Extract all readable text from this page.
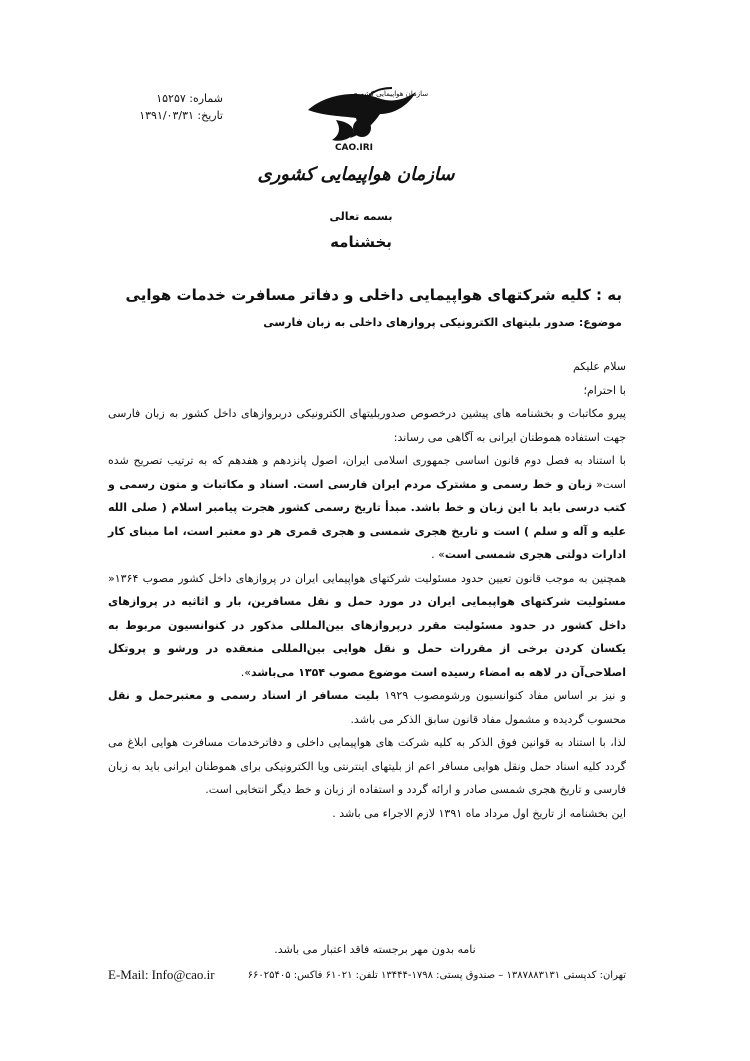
شماره: ۱۵۲۵۷
تاریخ: ۱۳۹۱/۰۳/۳۱
سازمان هواپیمایی کشوری
CAO.IRI
سازمان هواپیمایی کشوری
بسمه تعالی
بخشنامه
به : کلیه شرکتهای هواپیمایی داخلی و دفاتر مسافرت خدمات هوایی
موضوع: صدور بلیتهای الکترونیکی پروازهای داخلی به زبان فارسی

سلام علیکم

با احترام؛

پیرو مکاتبات و بخشنامه های پیشین درخصوص صدوربلیتهای الکترونیکی دربروازهای داخل کشور به زبان فارسی جهت استفاده هموطنان ایرانی به آگاهی می رساند:

با استناد به فصل دوم قانون اساسی جمهوری اسلامی ایران، اصول پانزدهم و هفدهم که به ترتیب تصریح شده است« زبان و خط رسمی و مشترک مردم ایران فارسی است. اسناد و مکاتبات و متون رسمی و کتب درسی باید با این زبان و خط باشد. مبدأ تاریخ رسمی کشور هجرت پیامبر اسلام ( صلی الله علیه و آله و سلم ) است و تاریخ هجری شمسی و هجری قمری هر دو معتبر است، اما مبنای کار ادارات دولتی هجری شمسی است» .

همچنین به موجب قانون تعیین حدود مسئولیت شرکتهای هواپیمایی ایران در پروازهای داخل کشور مصوب ۱۳۶۴« مسئولیت شرکتهای هواپیمایی ایران در مورد حمل و نقل مسافرین، بار و اثاثیه در پروازهای داخل کشور در حدود مسئولیت مقرر درپروازهای بین‌المللی مذکور در کنوانسیون مربوط به یکسان کردن برخی از مقررات حمل و نقل هوایی بین‌المللی منعقده در ورشو و پروتکل اصلاحی‌آن در لاهه به امضاء رسیده است موضوع مصوب ۱۳۵۴ می‌باشد».

و نیز بر اساس مفاد کنوانسیون ورشومصوب ۱۹۲۹ بلیت مسافر از اسناد رسمی و معتبرحمل و نقل محسوب گردیده و مشمول مفاد قانون سابق الذکر می باشد.

لذا، با استناد به قوانین فوق الذکر به کلیه شرکت های هواپیمایی داخلی و دفاترخدمات مسافرت هوایی ابلاغ می گردد کلیه اسناد حمل ونقل هوایی مسافر اعم از بلیتهای اینترنتی ویا الکترونیکی برای هموطنان ایرانی باید به زبان فارسی و تاریخ هجری شمسی صادر و ارائه گردد و استفاده از زبان و خط دیگر انتخابی است.

این بخشنامه از تاریخ اول مرداد ماه ۱۳۹۱ لازم الاجراء می باشد .

نامه بدون مهر برجسته فاقد اعتبار می باشد.
تهران: کدپستی ۱۳۸۷۸۸۳۱۳۱ – صندوق پستی: ۱۷۹۸-۱۳۴۴۴ تلفن: ۶۱۰۲۱ فاکس: ۶۶۰۲۵۴۰۵
E-Mail: Info@cao.ir
